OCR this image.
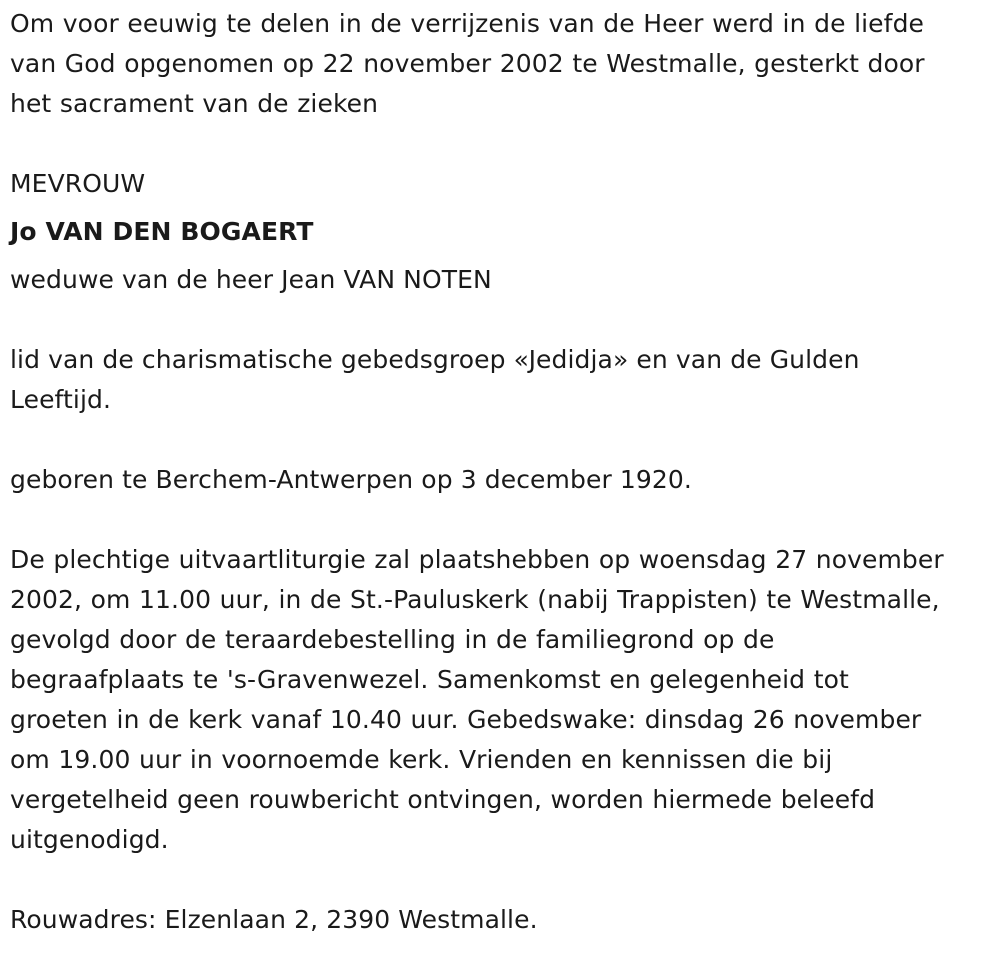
Om voor eeuwig te delen in de verrijzenis van de Heer werd in de liefde

van God opgenomen op 22 november 2002 te Westmalle, gesterkt door

het sacrament van de zieken

MEVROUW

Jo VAN DEN BOGAERT

weduwe van de heer Jean VAN NOTEN

lid van de charismatische gebedsgroep «Jedidja» en van de Gulden

Leeftijd.

geboren te Berchem-Antwerpen op 3 december 1920.

De plechtige uitvaartliturgie zal plaatshebben op woensdag 27 november

2002, om 11.00 uur, in de St.-Pauluskerk (nabij Trappisten) te Westmalle,

gevolgd door de teraardebestelling in de familiegrond op de

begraafplaats te 's-Gravenwezel. Samenkomst en gelegenheid tot

groeten in de kerk vanaf 10.40 uur. Gebedswake: dinsdag 26 november

om 19.00 uur in voornoemde kerk. Vrienden en kennissen die bij

vergetelheid geen rouwbericht ontvingen, worden hiermede beleefd

uitgenodigd.

Rouwadres: Elzenlaan 2, 2390 Westmalle.
